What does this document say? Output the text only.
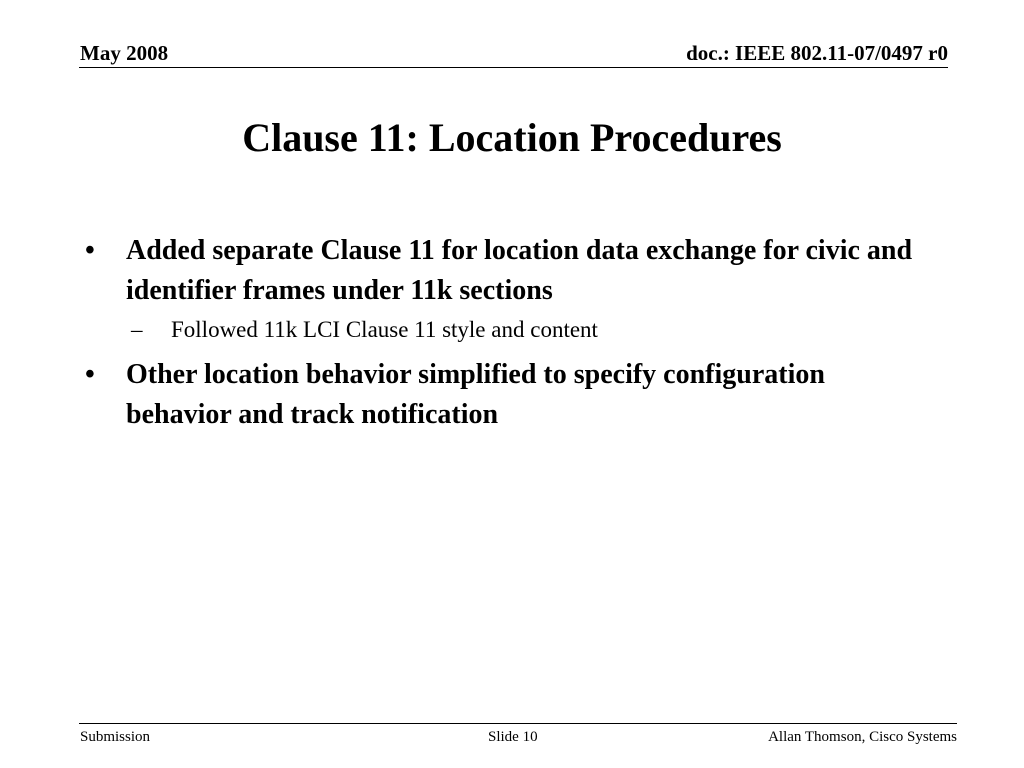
May 2008	doc.: IEEE 802.11-07/0497 r0
Clause 11: Location Procedures
• Added separate Clause 11 for location data exchange for civic and identifier frames under 11k sections
– Followed 11k LCI Clause 11 style and content
• Other location behavior simplified to specify configuration behavior and track notification
Submission	Slide 10	Allan Thomson, Cisco Systems
